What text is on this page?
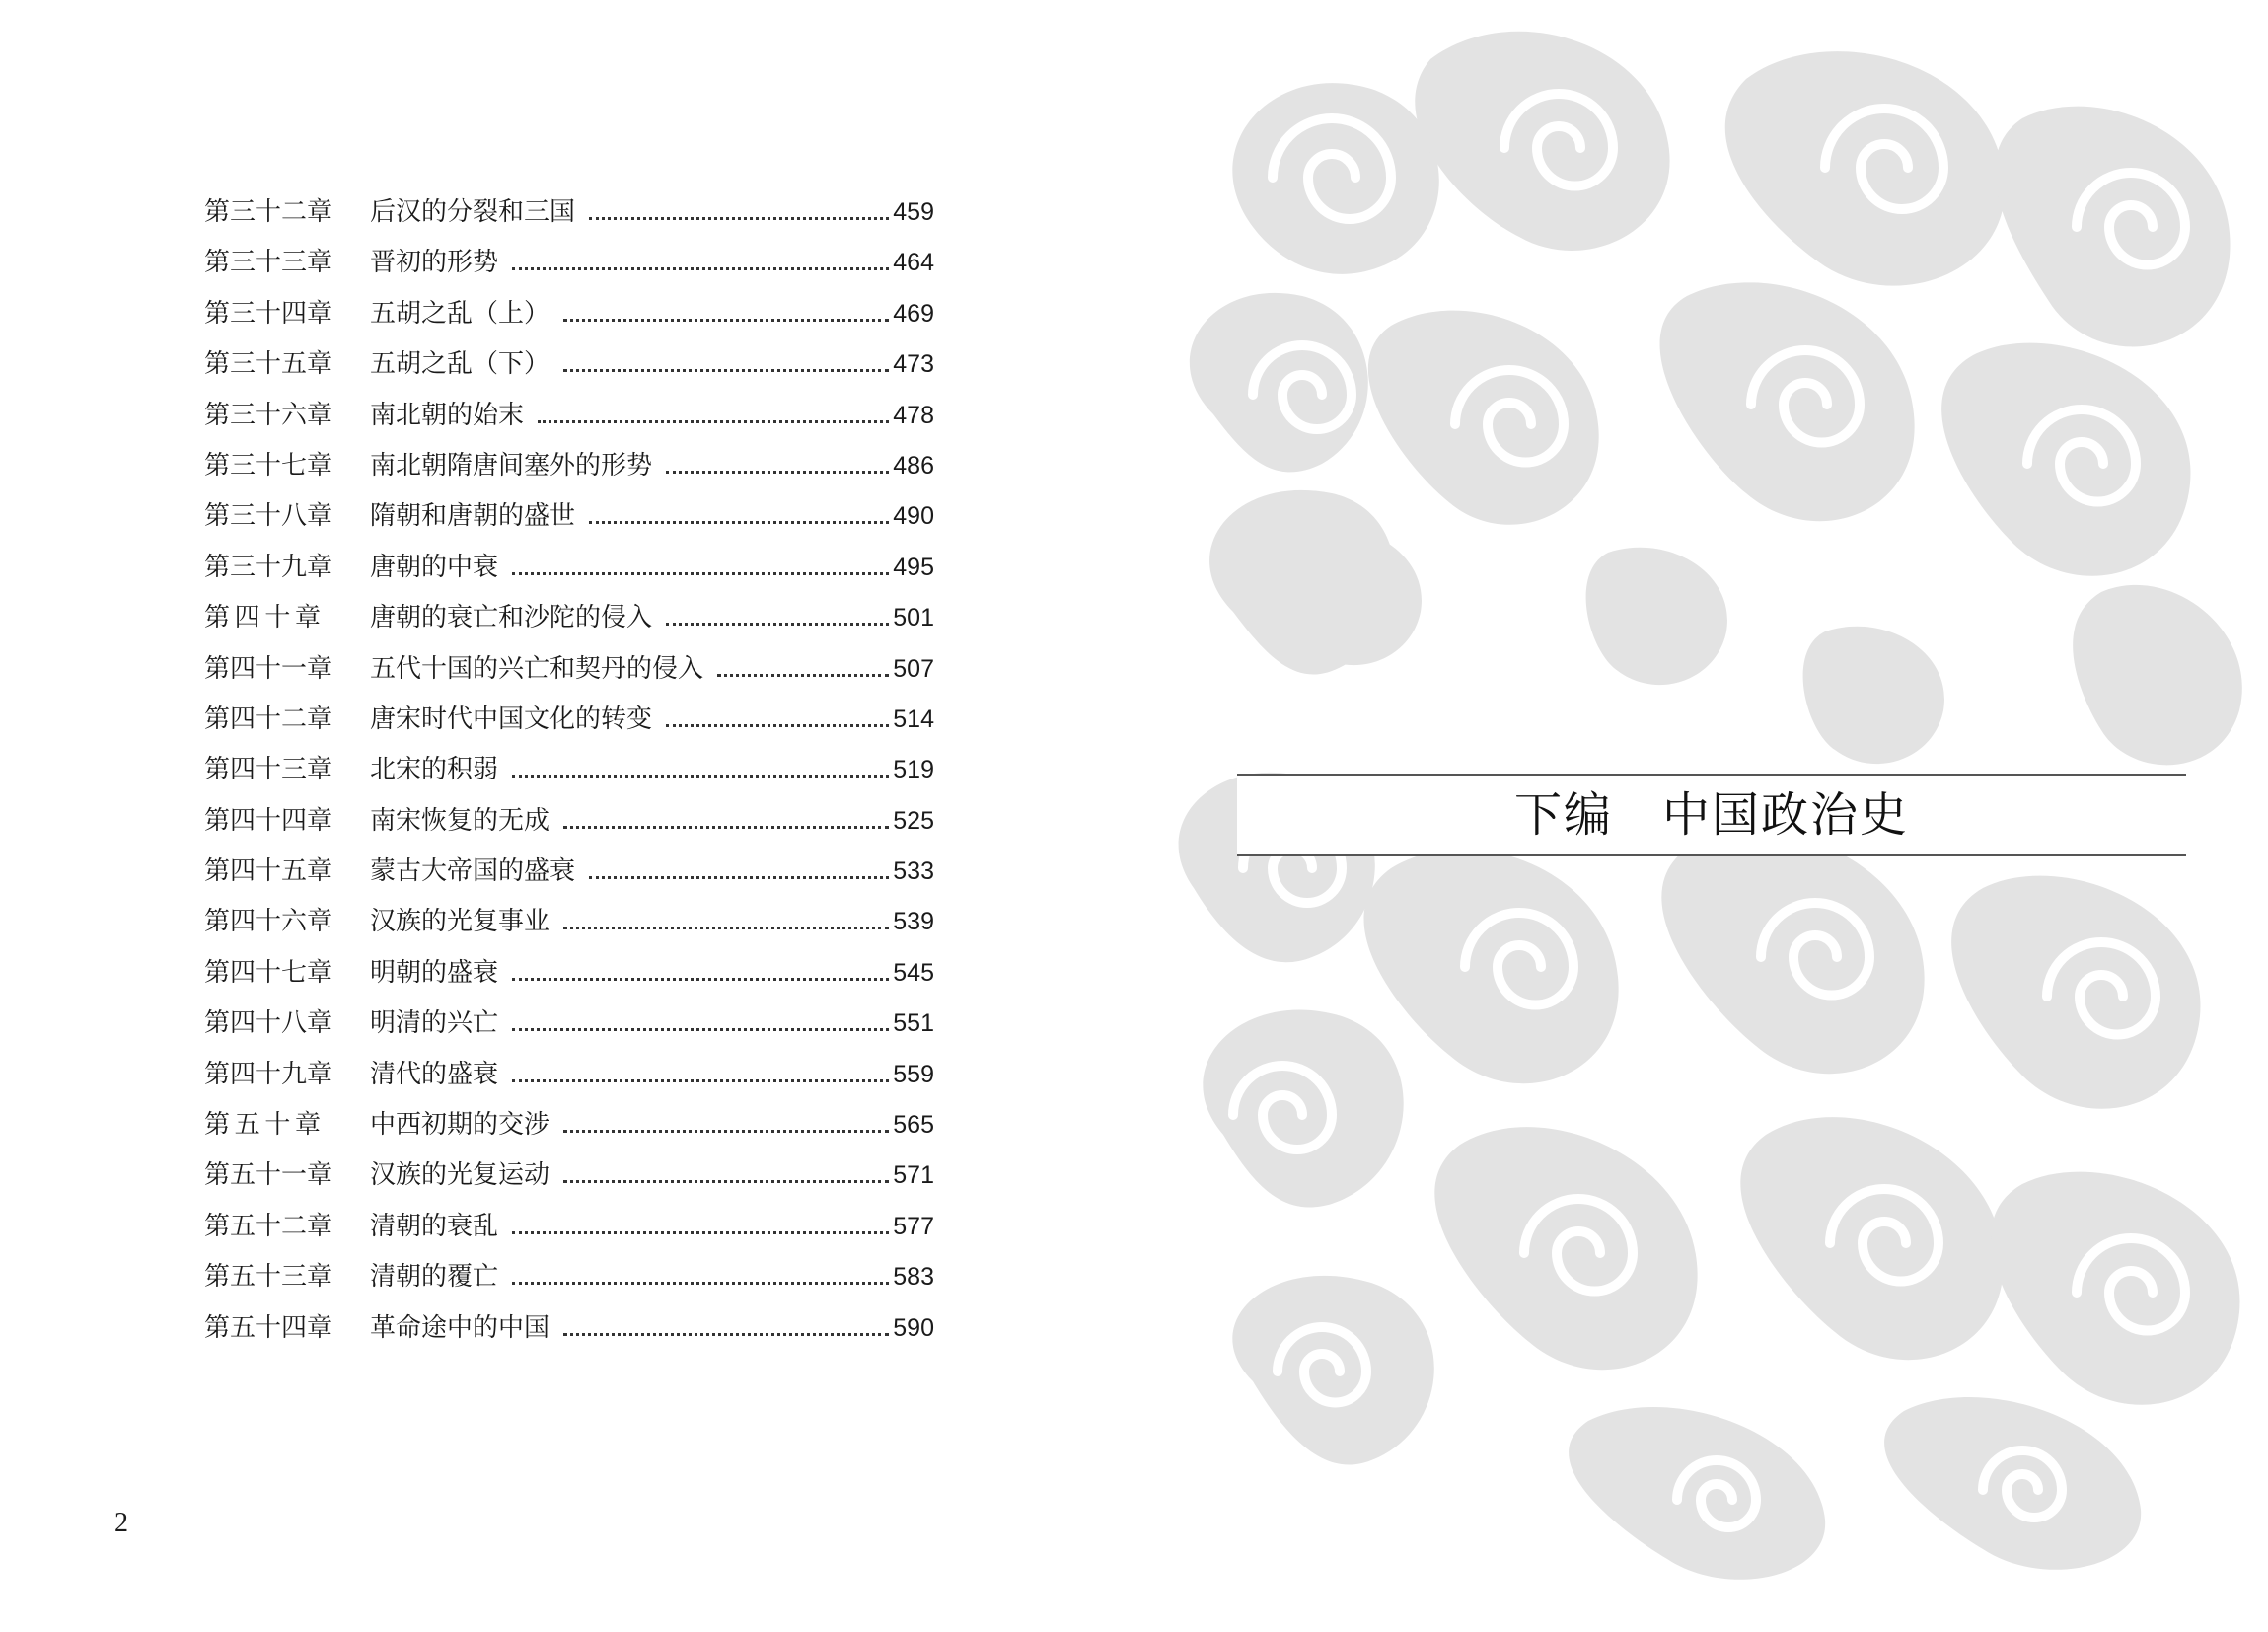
第三十二章	后汉的分裂和三国	459
第三十三章	晋初的形势	464
第三十四章	五胡之乱（上）	469
第三十五章	五胡之乱（下）	473
第三十六章	南北朝的始末	478
第三十七章	南北朝隋唐间塞外的形势	486
第三十八章	隋朝和唐朝的盛世	490
第三十九章	唐朝的中衰	495
第四十章	唐朝的衰亡和沙陀的侵入	501
第四十一章	五代十国的兴亡和契丹的侵入	507
第四十二章	唐宋时代中国文化的转变	514
第四十三章	北宋的积弱	519
第四十四章	南宋恢复的无成	525
第四十五章	蒙古大帝国的盛衰	533
第四十六章	汉族的光复事业	539
第四十七章	明朝的盛衰	545
第四十八章	明清的兴亡	551
第四十九章	清代的盛衰	559
第五十章	中西初期的交涉	565
第五十一章	汉族的光复运动	571
第五十二章	清朝的衰乱	577
第五十三章	清朝的覆亡	583
第五十四章	革命途中的中国	590
2
下编 中国政治史
